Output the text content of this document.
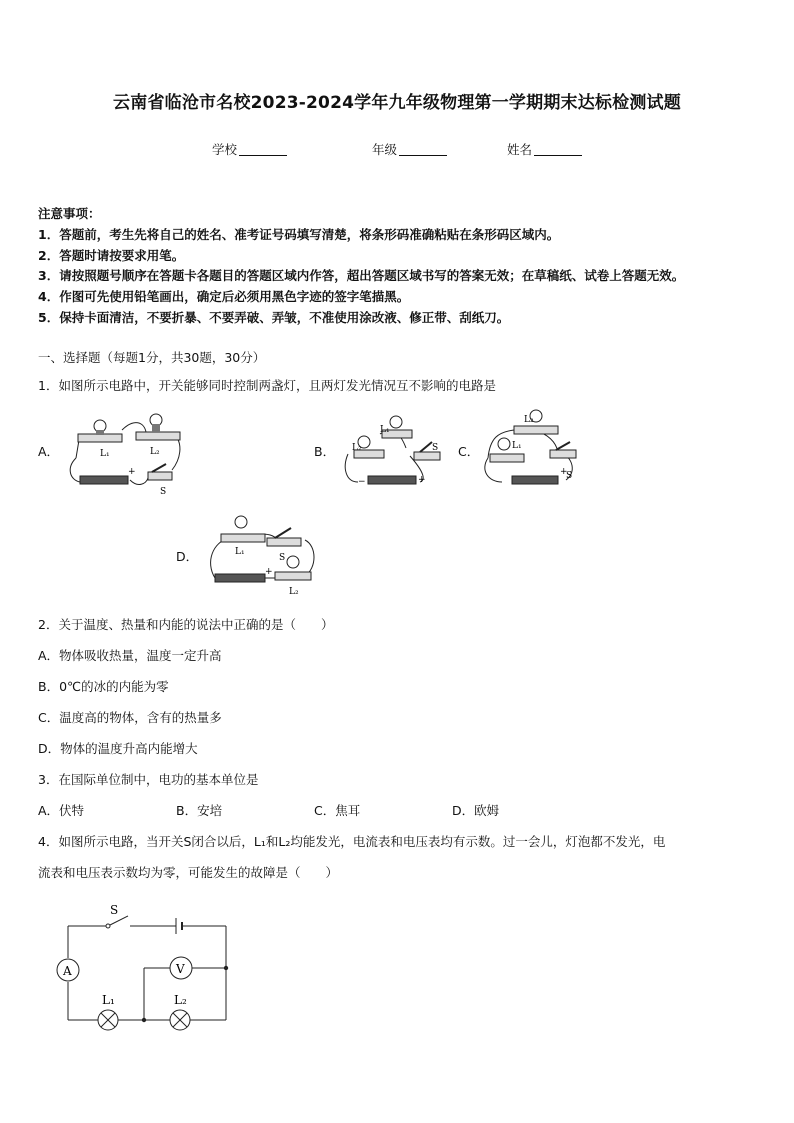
云南省临沧市名校2023-2024学年九年级物理第一学期期末达标检测试题
学校	年级	姓名
注意事项：
1．答题前，考生先将自己的姓名、准考证号码填写清楚，将条形码准确粘贴在条形码区域内。
2．答题时请按要求用笔。
3．请按照题号顺序在答题卡各题目的答题区域内作答，超出答题区域书写的答案无效；在草稿纸、试卷上答题无效。
4．作图可先使用铅笔画出，确定后必须用黑色字迹的签字笔描黑。
5．保持卡面清洁，不要折暴、不要弄破、弄皱，不准使用涂改液、修正带、刮纸刀。
一、选择题（每题1分，共30题，30分）
1．如图所示电路中，开关能够同时控制两盏灯，且两灯发光情况互不影响的电路是
A．	B．	C．
D．
L₁	L₂
S
+
L₁
L₂	S
−	+
L₂
L₁
S
+
L₁
S
L₂
+
2．关于温度、热量和内能的说法中正确的是（　　）
A．物体吸收热量，温度一定升高
B．0℃的冰的内能为零
C．温度高的物体，含有的热量多
D．物体的温度升高内能增大
3．在国际单位制中，电功的基本单位是
A．伏特	B．安培	C．焦耳	D．欧姆
4．如图所示电路，当开关S闭合以后，L₁和L₂均能发光，电流表和电压表均有示数。过一会儿，灯泡都不发光，电
流表和电压表示数均为零，可能发生的故障是（　　）
S
A	V
L₁	L₂
